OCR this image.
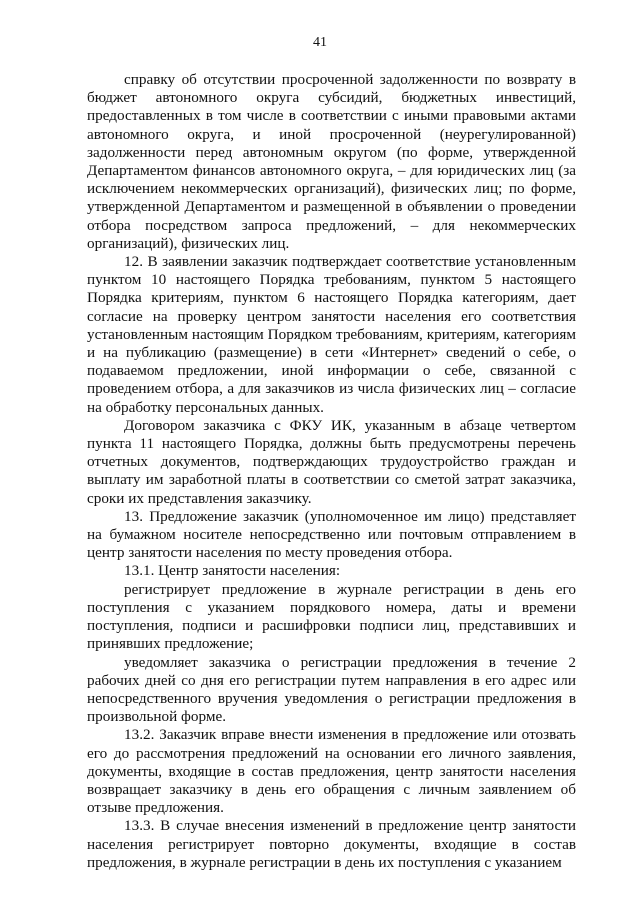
41

справку об отсутствии просроченной задолженности по возврату в бюджет автономного округа субсидий, бюджетных инвестиций, предоставленных в том числе в соответствии с иными правовыми актами автономного округа, и иной просроченной (неурегулированной) задолженности перед автономным округом (по форме, утвержденной Департаментом финансов автономного округа, – для юридических лиц (за исключением некоммерческих организаций), физических лиц; по форме, утвержденной Департаментом и размещенной в объявлении о проведении отбора посредством запроса предложений, – для некоммерческих организаций), физических лиц.

12. В заявлении заказчик подтверждает соответствие установленным пунктом 10 настоящего Порядка требованиям, пунктом 5 настоящего Порядка критериям, пунктом 6 настоящего Порядка категориям, дает согласие на проверку центром занятости населения его соответствия установленным настоящим Порядком требованиям, критериям, категориям и на публикацию (размещение) в сети «Интернет» сведений о себе, о подаваемом предложении, иной информации о себе, связанной с проведением отбора, а для заказчиков из числа физических лиц – согласие на обработку персональных данных.

Договором заказчика с ФКУ ИК, указанным в абзаце четвертом пункта 11 настоящего Порядка, должны быть предусмотрены перечень отчетных документов, подтверждающих трудоустройство граждан и выплату им заработной платы в соответствии со сметой затрат заказчика, сроки их представления заказчику.

13. Предложение заказчик (уполномоченное им лицо) представляет на бумажном носителе непосредственно или почтовым отправлением в центр занятости населения по месту проведения отбора.

13.1. Центр занятости населения:

регистрирует предложение в журнале регистрации в день его поступления с указанием порядкового номера, даты и времени поступления, подписи и расшифровки подписи лиц, представивших и принявших предложение;

уведомляет заказчика о регистрации предложения в течение 2 рабочих дней со дня его регистрации путем направления в его адрес или непосредственного вручения уведомления о регистрации предложения в произвольной форме.

13.2. Заказчик вправе внести изменения в предложение или отозвать его до рассмотрения предложений на основании его личного заявления, документы, входящие в состав предложения, центр занятости населения возвращает заказчику в день его обращения с личным заявлением об отзыве предложения.

13.3. В случае внесения изменений в предложение центр занятости населения регистрирует повторно документы, входящие в состав предложения, в журнале регистрации в день их поступления с указанием
